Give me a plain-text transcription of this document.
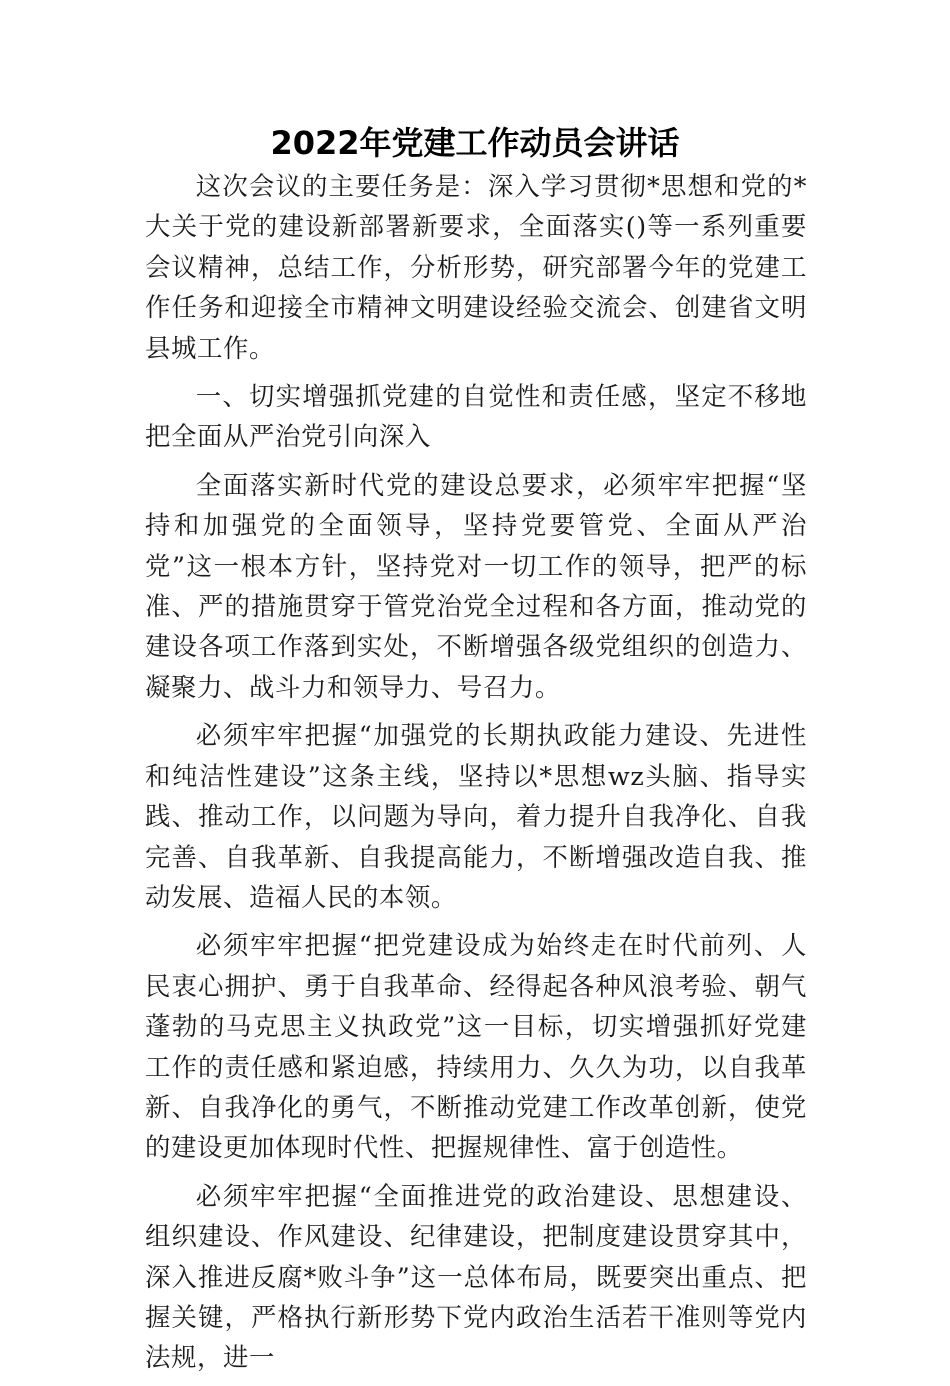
2022年党建工作动员会讲话

这次会议的主要任务是：深入学习贯彻*思想和党的*大关于党的建设新部署新要求，全面落实()等一系列重要会议精神，总结工作，分析形势，研究部署今年的党建工作任务和迎接全市精神文明建设经验交流会、创建省文明县城工作。

一、切实增强抓党建的自觉性和责任感，坚定不移地把全面从严治党引向深入

全面落实新时代党的建设总要求，必须牢牢把握“坚持和加强党的全面领导，坚持党要管党、全面从严治党”这一根本方针，坚持党对一切工作的领导，把严的标准、严的措施贯穿于管党治党全过程和各方面，推动党的建设各项工作落到实处，不断增强各级党组织的创造力、凝聚力、战斗力和领导力、号召力。

必须牢牢把握“加强党的长期执政能力建设、先进性和纯洁性建设”这条主线，坚持以*思想wz头脑、指导实践、推动工作，以问题为导向，着力提升自我净化、自我完善、自我革新、自我提高能力，不断增强改造自我、推动发展、造福人民的本领。

必须牢牢把握“把党建设成为始终走在时代前列、人民衷心拥护、勇于自我革命、经得起各种风浪考验、朝气蓬勃的马克思主义执政党”这一目标，切实增强抓好党建工作的责任感和紧迫感，持续用力、久久为功，以自我革新、自我净化的勇气，不断推动党建工作改革创新，使党的建设更加体现时代性、把握规律性、富于创造性。

必须牢牢把握“全面推进党的政治建设、思想建设、组织建设、作风建设、纪律建设，把制度建设贯穿其中，深入推进反腐*败斗争”这一总体布局，既要突出重点、把握关键，严格执行新形势下党内政治生活若干准则等党内法规，进一
